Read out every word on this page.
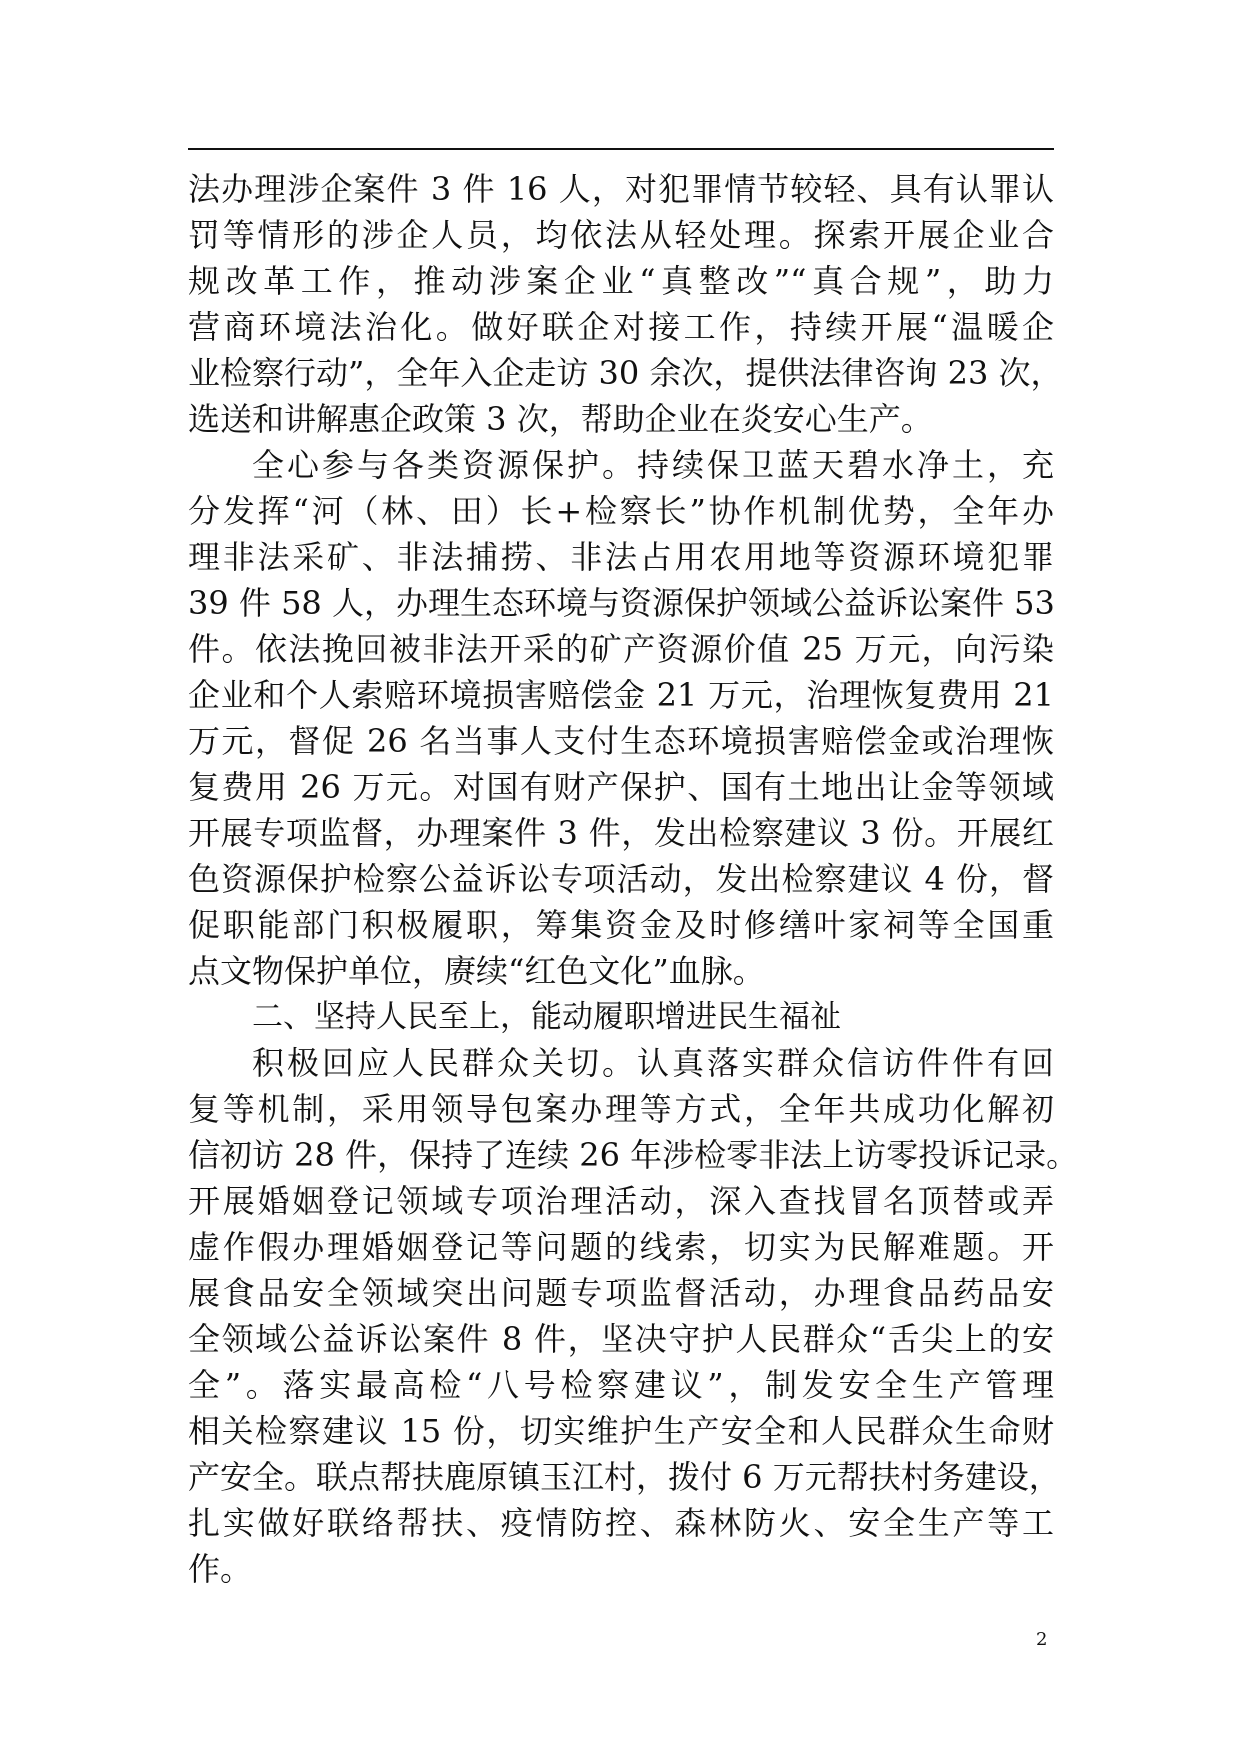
法办理涉企案件 3 件 16 人，对犯罪情节较轻、具有认罪认
罚等情形的涉企人员，均依法从轻处理。探索开展企业合
规改革工作，推动涉案企业“真整改”“真合规”，助力
营商环境法治化。做好联企对接工作，持续开展“温暖企
业检察行动”，全年入企走访 30 余次，提供法律咨询 23 次，
选送和讲解惠企政策 3 次，帮助企业在炎安心生产。
全心参与各类资源保护。持续保卫蓝天碧水净土，充
分发挥“河（林、田）长+检察长”协作机制优势，全年办
理非法采矿、非法捕捞、非法占用农用地等资源环境犯罪
39 件 58 人，办理生态环境与资源保护领域公益诉讼案件 53
件。依法挽回被非法开采的矿产资源价值 25 万元，向污染
企业和个人索赔环境损害赔偿金 21 万元，治理恢复费用 21
万元，督促 26 名当事人支付生态环境损害赔偿金或治理恢
复费用 26 万元。对国有财产保护、国有土地出让金等领域
开展专项监督，办理案件 3 件，发出检察建议 3 份。开展红
色资源保护检察公益诉讼专项活动，发出检察建议 4 份，督
促职能部门积极履职，筹集资金及时修缮叶家祠等全国重
点文物保护单位，赓续“红色文化”血脉。
二、坚持人民至上，能动履职增进民生福祉
积极回应人民群众关切。认真落实群众信访件件有回
复等机制，采用领导包案办理等方式，全年共成功化解初
信初访 28 件，保持了连续 26 年涉检零非法上访零投诉记录。
开展婚姻登记领域专项治理活动，深入查找冒名顶替或弄
虚作假办理婚姻登记等问题的线索，切实为民解难题。开
展食品安全领域突出问题专项监督活动，办理食品药品安
全领域公益诉讼案件 8 件，坚决守护人民群众“舌尖上的安
全”。落实最高检“八号检察建议”，制发安全生产管理
相关检察建议 15 份，切实维护生产安全和人民群众生命财
产安全。联点帮扶鹿原镇玉江村，拨付 6 万元帮扶村务建设，
扎实做好联络帮扶、疫情防控、森林防火、安全生产等工
作。
2
